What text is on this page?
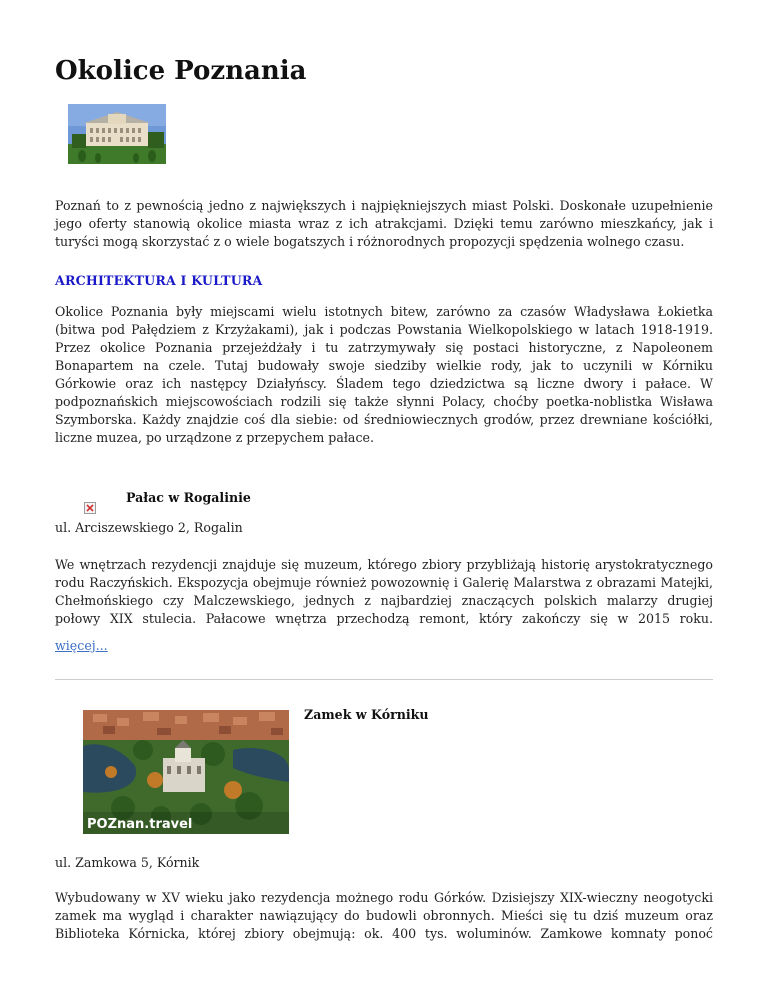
Okolice Poznania

Poznań to z pewnością jedno z największych i najpiękniejszych miast Polski. Doskonałe uzupełnienie
jego oferty stanowią okolice miasta wraz z ich atrakcjami. Dzięki temu zarówno mieszkańcy, jak i
turyści mogą skorzystać z o wiele bogatszych i różnorodnych propozycji spędzenia wolnego czasu.

ARCHITEKTURA I KULTURA

Okolice Poznania były miejscami wielu istotnych bitew, zarówno za czasów Władysława Łokietka
(bitwa pod Pałędziem z Krzyżakami), jak i podczas Powstania Wielkopolskiego w latach 1918-1919.
Przez okolice Poznania przejeżdżały i tu zatrzymywały się postaci historyczne, z Napoleonem
Bonapartem na czele. Tutaj budowały swoje siedziby wielkie rody, jak to uczynili w Kórniku
Górkowie oraz ich następcy Działyńscy. Śladem tego dziedzictwa są liczne dwory i pałace. W
podpoznańskich miejscowościach rodzili się także słynni Polacy, choćby poetka-noblistka Wisława
Szymborska. Każdy znajdzie coś dla siebie: od średniowiecznych grodów, przez drewniane kościółki,
liczne muzea, po urządzone z przepychem pałace.

Pałac w Rogalinie

ul. Arciszewskiego 2, Rogalin

We wnętrzach rezydencji znajduje się muzeum, którego zbiory przybliżają historię arystokratycznego
rodu Raczyńskich. Ekspozycja obejmuje również powozownię i Galerię Malarstwa z obrazami Matejki,
Chełmońskiego czy Malczewskiego, jednych z najbardziej znaczących polskich malarzy drugiej
połowy XIX stulecia. Pałacowe wnętrza przechodzą remont, który zakończy się w 2015 roku.

więcej...
POZnan.travel

Zamek w Kórniku

ul. Zamkowa 5, Kórnik

Wybudowany w XV wieku jako rezydencja możnego rodu Górków. Dzisiejszy XIX-wieczny neogotycki
zamek ma wygląd i charakter nawiązujący do budowli obronnych. Mieści się tu dziś muzeum oraz
Biblioteka Kórnicka, której zbiory obejmują: ok. 400 tys. woluminów. Zamkowe komnaty ponoć
